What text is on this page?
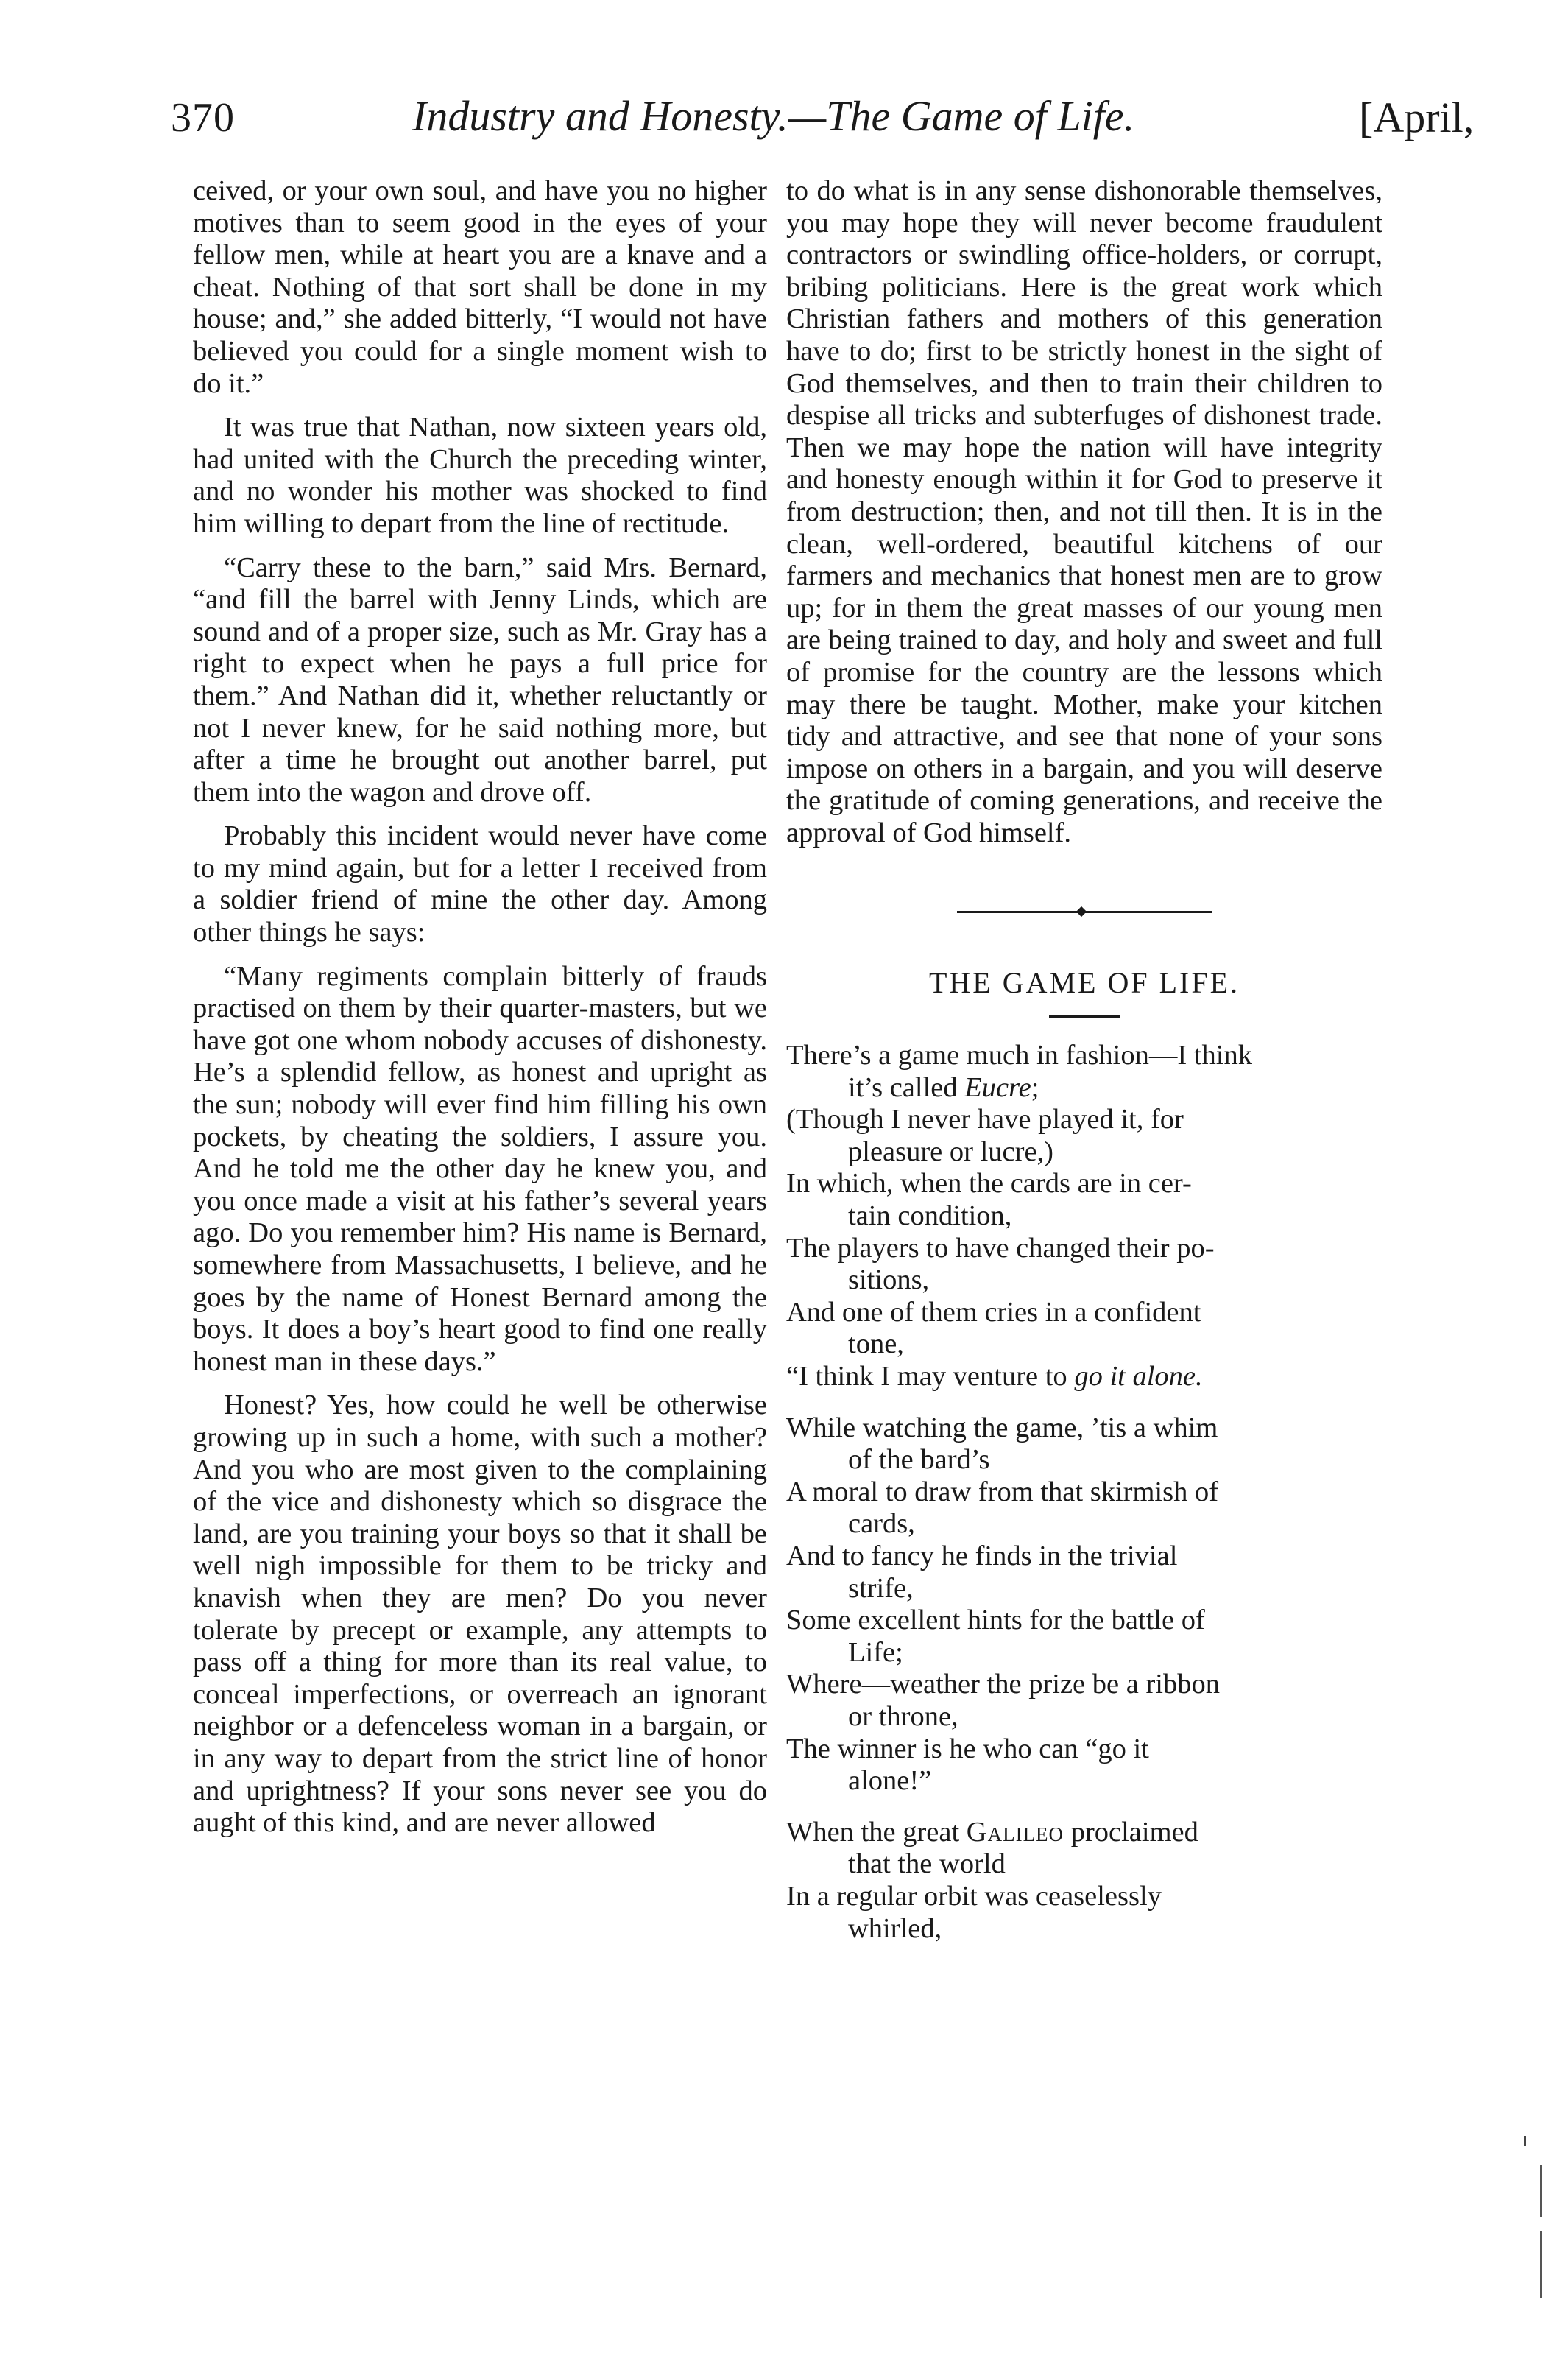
370	Industry and Honesty.—The Game of Life.	[April,

ceived, or your own soul, and have you no higher motives than to seem good in the eyes of your fellow men, while at heart you are a knave and a cheat. Nothing of that sort shall be done in my house; and,” she added bitterly, “I would not have believed you could for a single moment wish to do it.”

It was true that Nathan, now sixteen years old, had united with the Church the preceding winter, and no wonder his mother was shocked to find him willing to depart from the line of rectitude.

“Carry these to the barn,” said Mrs. Bernard, “and fill the barrel with Jenny Linds, which are sound and of a proper size, such as Mr. Gray has a right to expect when he pays a full price for them.” And Nathan did it, whether reluctantly or not I never knew, for he said nothing more, but after a time he brought out another barrel, put them into the wagon and drove off.

Probably this incident would never have come to my mind again, but for a letter I received from a soldier friend of mine the other day. Among other things he says:

“Many regiments complain bitterly of frauds practised on them by their quarter-masters, but we have got one whom nobody accuses of dishonesty. He’s a splendid fellow, as honest and upright as the sun; nobody will ever find him filling his own pockets, by cheating the soldiers, I assure you. And he told me the other day he knew you, and you once made a visit at his father’s several years ago. Do you remember him? His name is Bernard, somewhere from Massachusetts, I believe, and he goes by the name of Honest Bernard among the boys. It does a boy’s heart good to find one really honest man in these days.”

Honest? Yes, how could he well be otherwise growing up in such a home, with such a mother? And you who are most given to the complaining of the vice and dishonesty which so disgrace the land, are you training your boys so that it shall be well nigh impossible for them to be tricky and knavish when they are men? Do you never tolerate by precept or example, any attempts to pass off a thing for more than its real value, to conceal imperfections, or overreach an ignorant neighbor or a defenceless woman in a bargain, or in any way to depart from the strict line of honor and uprightness? If your sons never see you do aught of this kind, and are never allowed

to do what is in any sense dishonorable themselves, you may hope they will never become fraudulent contractors or swindling office-holders, or corrupt, bribing politicians. Here is the great work which Christian fathers and mothers of this generation have to do; first to be strictly honest in the sight of God themselves, and then to train their children to despise all tricks and subterfuges of dishonest trade. Then we may hope the nation will have integrity and honesty enough within it for God to preserve it from destruction; then, and not till then. It is in the clean, well-ordered, beautiful kitchens of our farmers and mechanics that honest men are to grow up; for in them the great masses of our young men are being trained to day, and holy and sweet and full of promise for the country are the lessons which may there be taught. Mother, make your kitchen tidy and attractive, and see that none of your sons impose on others in a bargain, and you will deserve the gratitude of coming generations, and receive the approval of God himself.

THE GAME OF LIFE.
There’s a game much in fashion—I think
it’s called Eucre;
(Though I never have played it, for
pleasure or lucre,)
In which, when the cards are in cer-
tain condition,
The players to have changed their po-
sitions,
And one of them cries in a confident
tone,
“I think I may venture to go it alone.
While watching the game, ’tis a whim
of the bard’s
A moral to draw from that skirmish of
cards,
And to fancy he finds in the trivial
strife,
Some excellent hints for the battle of
Life;
Where—weather the prize be a ribbon
or throne,
The winner is he who can “go it
alone!”
When the great Galileo proclaimed
that the world
In a regular orbit was ceaselessly
whirled,
